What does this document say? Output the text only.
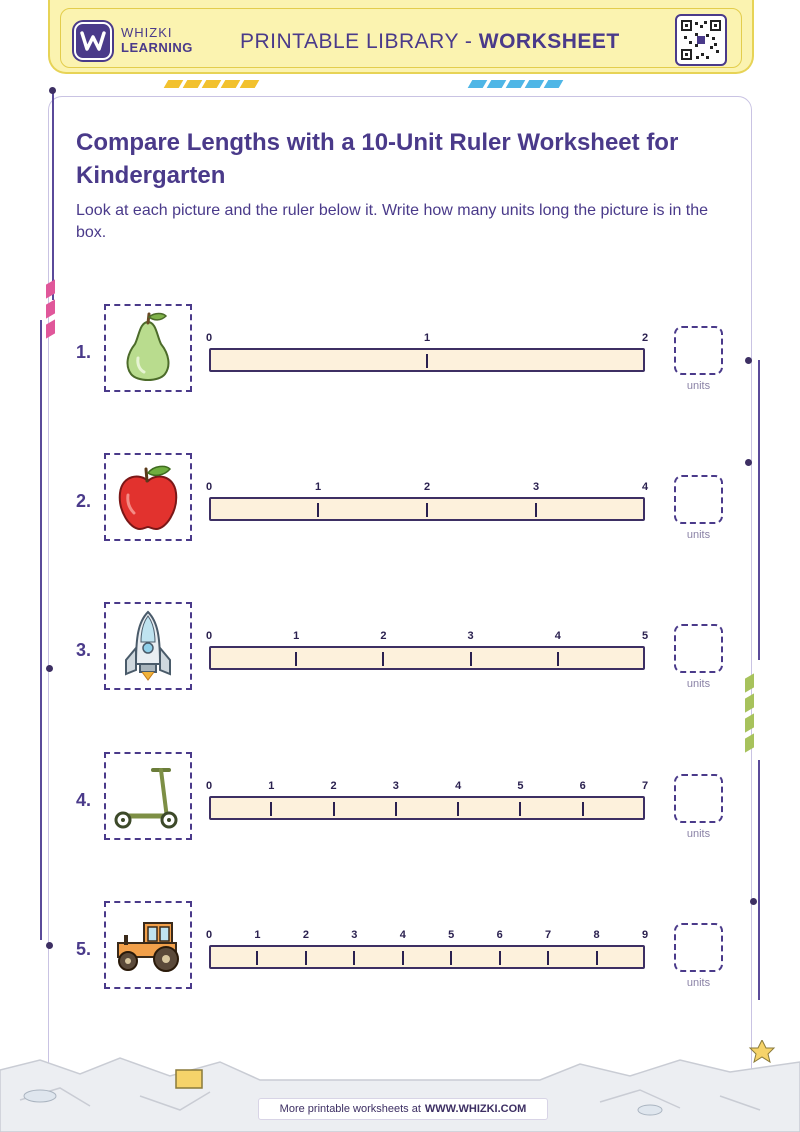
WHIZKI
LEARNING PRINTABLE LIBRARY - WORKSHEET
Compare Lengths with a 10-Unit Ruler Worksheet for Kindergarten

Look at each picture and the ruler below it. Write how many units long the picture is in the box.

1.
0	1	2
units
2.
0	1	2	3	4
units
3.
0	1	2	3	4	5
units
4.
0	1	2	3	4	5	6	7
units
5.
0	1	2	3	4	5	6	7	8	9
units
More printable worksheets at WWW.WHIZKI.COM
